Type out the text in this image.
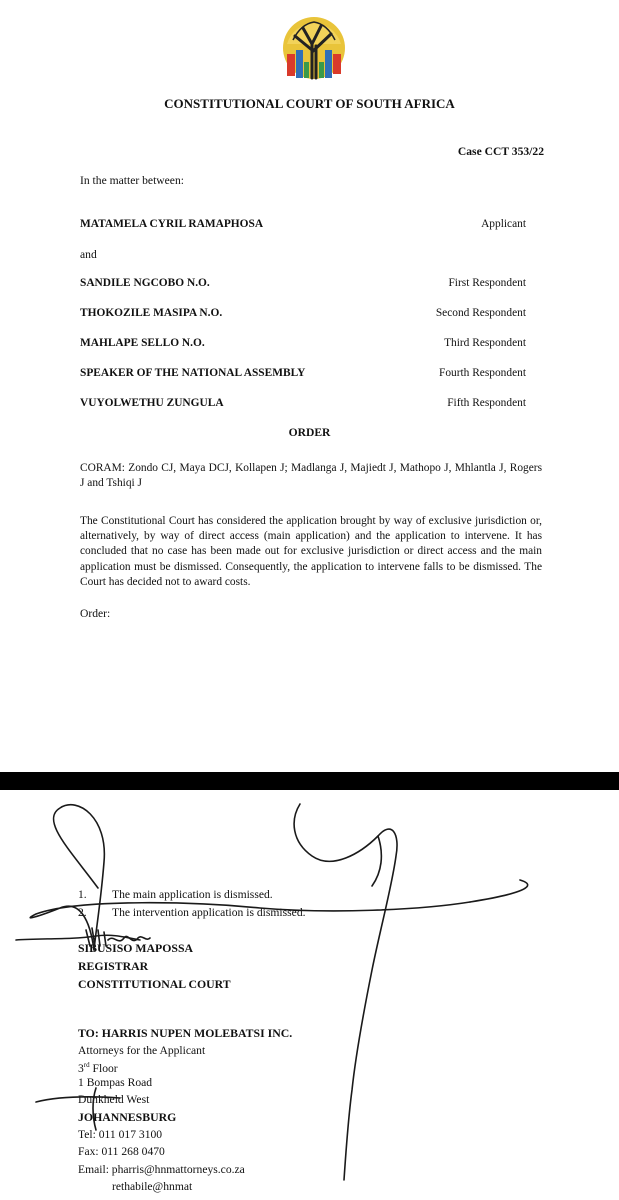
CONSTITUTIONAL COURT OF SOUTH AFRICA
Case CCT 353/22
In the matter between:
MATAMELA CYRIL RAMAPHOSA	Applicant
and
SANDILE NGCOBO N.O.	First Respondent
THOKOZILE MASIPA N.O.	Second Respondent
MAHLAPE SELLO N.O.	Third Respondent
SPEAKER OF THE NATIONAL ASSEMBLY	Fourth Respondent
VUYOLWETHU ZUNGULA	Fifth Respondent
ORDER
CORAM: Zondo CJ, Maya DCJ, Kollapen J; Madlanga J, Majiedt J, Mathopo J, Mhlantla J, Rogers J and Tshiqi J
The Constitutional Court has considered the application brought by way of exclusive jurisdiction or, alternatively, by way of direct access (main application) and the application to intervene. It has concluded that no case has been made out for exclusive jurisdiction or direct access and the main application must be dismissed. Consequently, the application to intervene falls to be dismissed. The Court has decided not to award costs.
Order:
1. The main application is dismissed.
2. The intervention application is dismissed.
SIBUSISO MAPOSSA
REGISTRAR
CONSTITUTIONAL COURT
TO: HARRIS NUPEN MOLEBATSI INC.
Attorneys for the Applicant
3rd Floor
1 Bompas Road
Dunkheld West
JOHANNESBURG
Tel: 011 017 3100
Fax: 011 268 0470
Email: pharris@hnmattorneys.co.za
rethabile@hnmat
